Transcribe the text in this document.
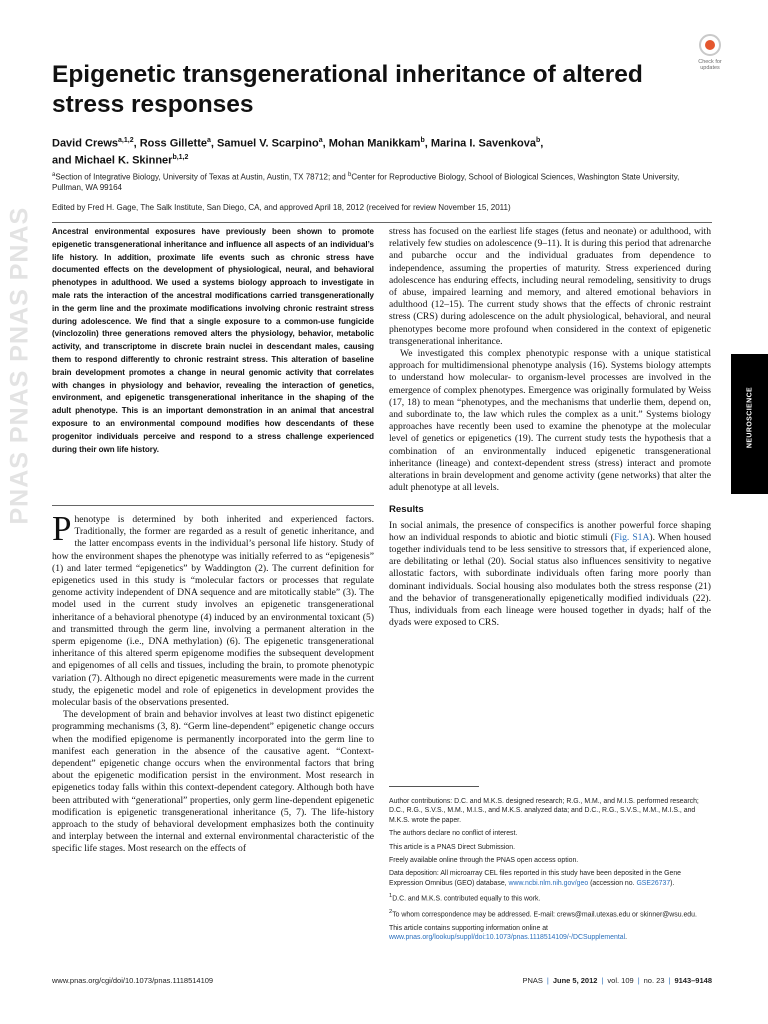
PNAS PNAS PNAS PNAS
Check for
updates
Epigenetic transgenerational inheritance of altered stress responses
David Crews$^{a,1,2}$, Ross Gillette$^a$, Samuel V. Scarpino$^a$, Mohan Manikkam$^b$, Marina I. Savenkova$^b$,
and Michael K. Skinner$^{b,1,2}$
$^a$Section of Integrative Biology, University of Texas at Austin, Austin, TX 78712; and $^b$Center for Reproductive Biology, School of Biological Sciences, Washington State University, Pullman, WA 99164
Edited by Fred H. Gage, The Salk Institute, San Diego, CA, and approved April 18, 2012 (received for review November 15, 2011)

Ancestral environmental exposures have previously been shown to promote epigenetic transgenerational inheritance and influence all aspects of an individual’s life history. In addition, proximate life events such as chronic stress have documented effects on the development of physiological, neural, and behavioral phenotypes in adulthood. We used a systems biology approach to investigate in male rats the interaction of the ancestral modifications carried transgenerationally in the germ line and the proximate modifications involving chronic restraint stress during adolescence. We find that a single exposure to a common-use fungicide (vinclozolin) three generations removed alters the physiology, behavior, metabolic activity, and transcriptome in discrete brain nuclei in descendant males, causing them to respond differently to chronic restraint stress. This alteration of baseline brain development promotes a change in neural genomic activity that correlates with changes in physiology and behavior, revealing the interaction of genetics, environment, and epigenetic transgenerational inheritance in the shaping of the adult phenotype. This is an important demonstration in an animal that ancestral exposure to an environmental compound modifies how descendants of these progenitor individuals perceive and respond to a stress challenge experienced during their own life history.

Phenotype is determined by both inherited and experienced factors. Traditionally, the former are regarded as a result of genetic inheritance, and the latter encompass events in the individual’s personal life history. Study of how the environment shapes the phenotype was initially referred to as “epigenesis” (1) and later termed “epigenetics” by Waddington (2). The current definition for epigenetics used in this study is “molecular factors or processes that regulate genome activity independent of DNA sequence and are mitotically stable” (3). The model used in the current study involves an epigenetic transgenerational inheritance of a behavioral phenotype (4) induced by an environmental toxicant (5) and transmitted through the germ line, involving a permanent alteration in the sperm epigenome (i.e., DNA methylation) (6). The epigenetic transgenerational inheritance of this altered sperm epigenome modifies the subsequent development and epigenomes of all cells and tissues, including the brain, to promote phenotypic variation (7). Although no direct epigenetic measurements were made in the current study, the epigenetic model and role of epigenetics in development provides the molecular basis of the observations presented.

The development of brain and behavior involves at least two distinct epigenetic programming mechanisms (3, 8). “Germ line-dependent” epigenetic change occurs when the modified epigenome is permanently incorporated into the germ line to manifest each generation in the absence of the causative agent. “Context-dependent” epigenetic change occurs when the environmental factors that bring about the epigenetic modification persist in the environment. Most research in epigenetics today falls within this context-dependent category. Although both have been attributed with “generational” properties, only germ line-dependent epigenetic modification is epigenetic transgenerational inheritance (5, 7). The life-history approach to the study of behavioral development emphasizes both the continuity and interplay between the internal and external environmental characteristic of the specific life stages. Most research on the effects of

stress has focused on the earliest life stages (fetus and neonate) or adulthood, with relatively few studies on adolescence (9–11). It is during this period that adrenarche and pubarche occur and the individual graduates from dependence to independence, assuming the properties of maturity. Stress experienced during adolescence has enduring effects, including neural remodeling, sensitivity to drugs of abuse, impaired learning and memory, and altered emotional behaviors in adulthood (12–15). The current study shows that the effects of chronic restraint stress (CRS) during adolescence on the adult physiological, behavioral, and neural phenotypes become more profound when considered in the context of epigenetic transgenerational inheritance.

We investigated this complex phenotypic response with a unique statistical approach for multidimensional phenotype analysis (16). Systems biology attempts to understand how molecular- to organism-level processes are involved in the emergence of complex phenotypes. Emergence was originally formulated by Weiss (17, 18) to mean “phenotypes, and the mechanisms that underlie them, depend on, and subordinate to, the law which rules the complex as a unit.” Systems biology approaches have recently been used to examine the phenotype at the molecular level of genetics or epigenetics (19). The current study tests the hypothesis that a combination of an environmentally induced epigenetic transgenerational inheritance (lineage) and context-dependent stress (stress) interact and promote alterations in brain development and genome activity (gene networks) that alter the adult phenotype at all levels.

Results

In social animals, the presence of conspecifics is another powerful force shaping how an individual responds to abiotic and biotic stimuli (Fig. S1A). When housed together individuals tend to be less sensitive to stressors that, if experienced alone, are debilitating or lethal (20). Social status also influences sensitivity to negative allostatic factors, with subordinate individuals often faring more poorly than dominant individuals. Social housing also modulates both the stress response (21) and the behavior of transgenerationally epigenetically modified individuals (22). Thus, individuals from each lineage were housed together in dyads; half of the dyads were exposed to CRS.

Author contributions: D.C. and M.K.S. designed research; R.G., M.M., and M.I.S. performed research; D.C., R.G., S.V.S., M.M., M.I.S., and M.K.S. analyzed data; and D.C., R.G., S.V.S., M.M., M.I.S., and M.K.S. wrote the paper.

The authors declare no conflict of interest.

This article is a PNAS Direct Submission.

Freely available online through the PNAS open access option.

Data deposition: All microarray CEL files reported in this study have been deposited in the Gene Expression Omnibus (GEO) database, www.ncbi.nlm.nih.gov/geo (accession no. GSE26737).

$^1$D.C. and M.K.S. contributed equally to this work.

$^2$To whom correspondence may be addressed. E-mail: crews@mail.utexas.edu or skinner@wsu.edu.

This article contains supporting information online at www.pnas.org/lookup/suppl/doi:10.1073/pnas.1118514109/-/DCSupplemental.

NEUROSCIENCE
www.pnas.org/cgi/doi/10.1073/pnas.1118514109	PNAS | June 5, 2012 | vol. 109 | no. 23 | 9143–9148
